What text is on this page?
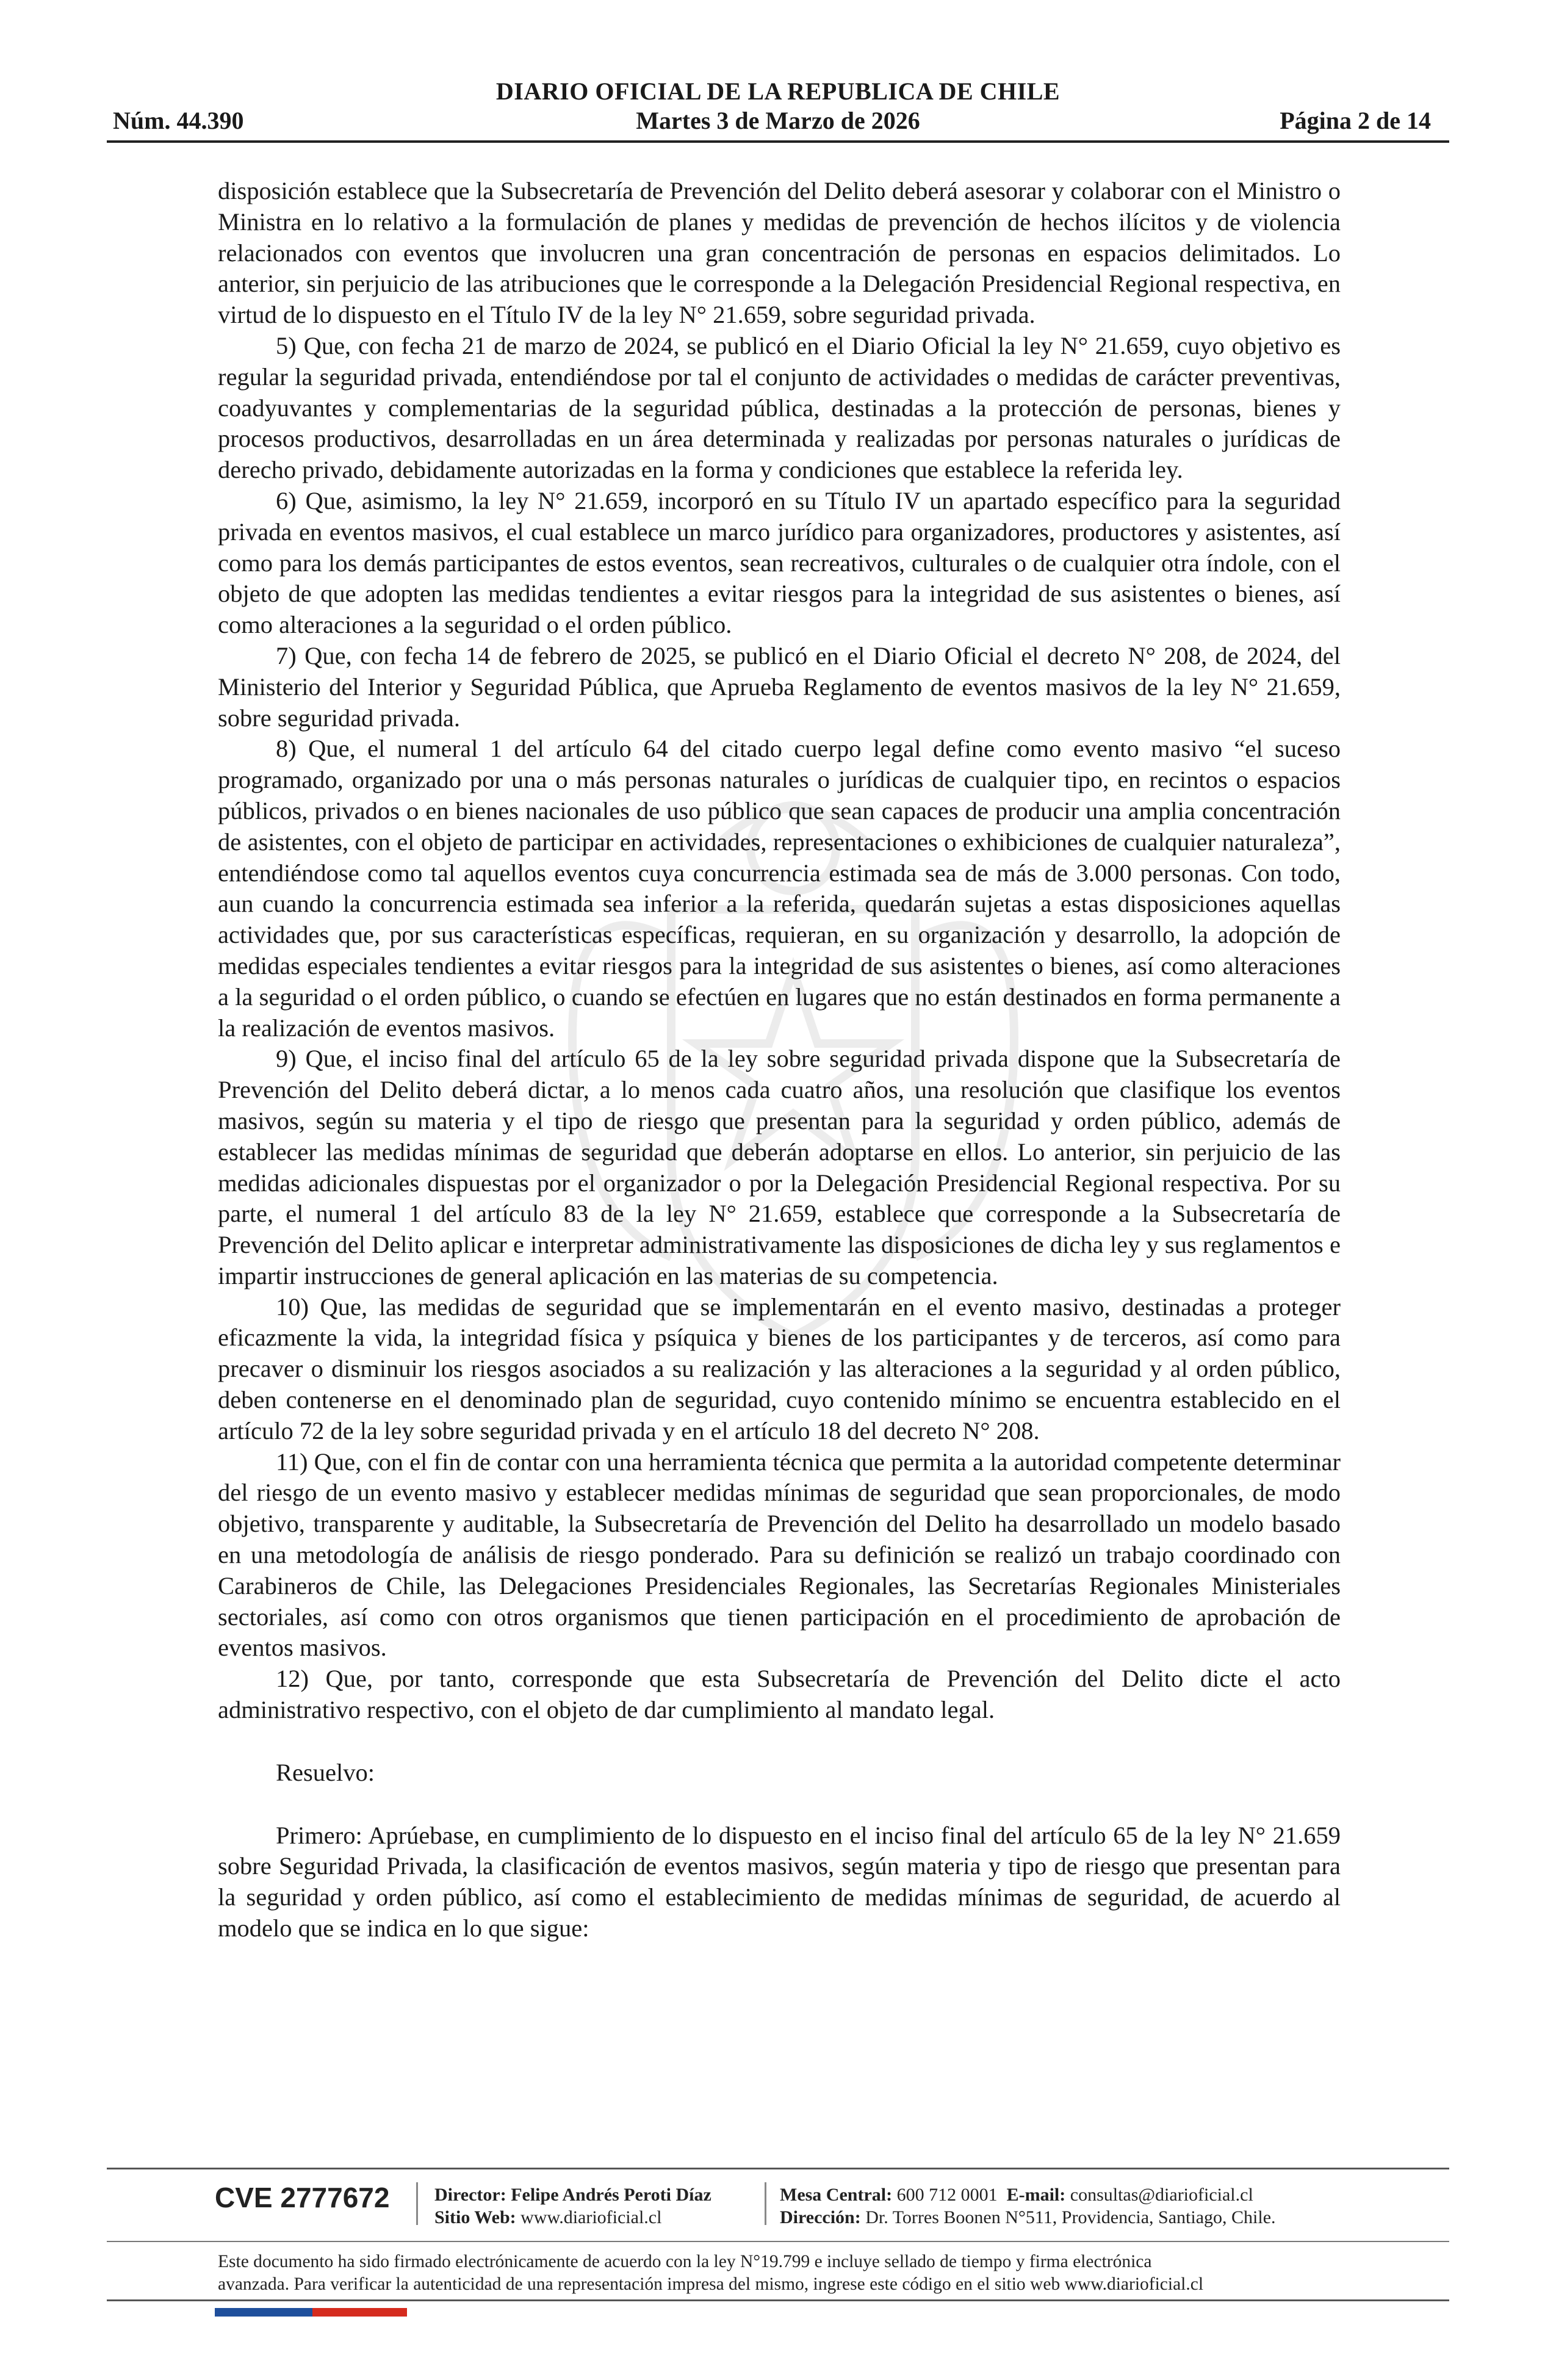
DIARIO OFICIAL DE LA REPUBLICA DE CHILE
Núm. 44.390	Martes 3 de Marzo de 2026	Página 2 de 14

disposición establece que la Subsecretaría de Prevención del Delito deberá asesorar y colaborar con el Ministro o Ministra en lo relativo a la formulación de planes y medidas de prevención de hechos ilícitos y de violencia relacionados con eventos que involucren una gran concentración de personas en espacios delimitados. Lo anterior, sin perjuicio de las atribuciones que le corresponde a la Delegación Presidencial Regional respectiva, en virtud de lo dispuesto en el Título IV de la ley N° 21.659, sobre seguridad privada.

5) Que, con fecha 21 de marzo de 2024, se publicó en el Diario Oficial la ley N° 21.659, cuyo objetivo es regular la seguridad privada, entendiéndose por tal el conjunto de actividades o medidas de carácter preventivas, coadyuvantes y complementarias de la seguridad pública, destinadas a la protección de personas, bienes y procesos productivos, desarrolladas en un área determinada y realizadas por personas naturales o jurídicas de derecho privado, debidamente autorizadas en la forma y condiciones que establece la referida ley.

6) Que, asimismo, la ley N° 21.659, incorporó en su Título IV un apartado específico para la seguridad privada en eventos masivos, el cual establece un marco jurídico para organizadores, productores y asistentes, así como para los demás participantes de estos eventos, sean recreativos, culturales o de cualquier otra índole, con el objeto de que adopten las medidas tendientes a evitar riesgos para la integridad de sus asistentes o bienes, así como alteraciones a la seguridad o el orden público.

7) Que, con fecha 14 de febrero de 2025, se publicó en el Diario Oficial el decreto N° 208, de 2024, del Ministerio del Interior y Seguridad Pública, que Aprueba Reglamento de eventos masivos de la ley N° 21.659, sobre seguridad privada.

8) Que, el numeral 1 del artículo 64 del citado cuerpo legal define como evento masivo “el suceso programado, organizado por una o más personas naturales o jurídicas de cualquier tipo, en recintos o espacios públicos, privados o en bienes nacionales de uso público que sean capaces de producir una amplia concentración de asistentes, con el objeto de participar en actividades, representaciones o exhibiciones de cualquier naturaleza”, entendiéndose como tal aquellos eventos cuya concurrencia estimada sea de más de 3.000 personas. Con todo, aun cuando la concurrencia estimada sea inferior a la referida, quedarán sujetas a estas disposiciones aquellas actividades que, por sus características específicas, requieran, en su organización y desarrollo, la adopción de medidas especiales tendientes a evitar riesgos para la integridad de sus asistentes o bienes, así como alteraciones a la seguridad o el orden público, o cuando se efectúen en lugares que no están destinados en forma permanente a la realización de eventos masivos.

9) Que, el inciso final del artículo 65 de la ley sobre seguridad privada dispone que la Subsecretaría de Prevención del Delito deberá dictar, a lo menos cada cuatro años, una resolución que clasifique los eventos masivos, según su materia y el tipo de riesgo que presentan para la seguridad y orden público, además de establecer las medidas mínimas de seguridad que deberán adoptarse en ellos. Lo anterior, sin perjuicio de las medidas adicionales dispuestas por el organizador o por la Delegación Presidencial Regional respectiva. Por su parte, el numeral 1 del artículo 83 de la ley N° 21.659, establece que corresponde a la Subsecretaría de Prevención del Delito aplicar e interpretar administrativamente las disposiciones de dicha ley y sus reglamentos e impartir instrucciones de general aplicación en las materias de su competencia.

10) Que, las medidas de seguridad que se implementarán en el evento masivo, destinadas a proteger eficazmente la vida, la integridad física y psíquica y bienes de los participantes y de terceros, así como para precaver o disminuir los riesgos asociados a su realización y las alteraciones a la seguridad y al orden público, deben contenerse en el denominado plan de seguridad, cuyo contenido mínimo se encuentra establecido en el artículo 72 de la ley sobre seguridad privada y en el artículo 18 del decreto N° 208.

11) Que, con el fin de contar con una herramienta técnica que permita a la autoridad competente determinar del riesgo de un evento masivo y establecer medidas mínimas de seguridad que sean proporcionales, de modo objetivo, transparente y auditable, la Subsecretaría de Prevención del Delito ha desarrollado un modelo basado en una metodología de análisis de riesgo ponderado. Para su definición se realizó un trabajo coordinado con Carabineros de Chile, las Delegaciones Presidenciales Regionales, las Secretarías Regionales Ministeriales sectoriales, así como con otros organismos que tienen participación en el procedimiento de aprobación de eventos masivos.

12) Que, por tanto, corresponde que esta Subsecretaría de Prevención del Delito dicte el acto administrativo respectivo, con el objeto de dar cumplimiento al mandato legal.

Resuelvo:

Primero: Aprúebase, en cumplimiento de lo dispuesto en el inciso final del artículo 65 de la ley N° 21.659 sobre Seguridad Privada, la clasificación de eventos masivos, según materia y tipo de riesgo que presentan para la seguridad y orden público, así como el establecimiento de medidas mínimas de seguridad, de acuerdo al modelo que se indica en lo que sigue:

CVE 2777672 Director: Felipe Andrés Peroti Díaz
Sitio Web: www.diarioficial.cl
Mesa Central: 600 712 0001 E-mail: consultas@diarioficial.cl
Dirección: Dr. Torres Boonen N°511, Providencia, Santiago, Chile.
Este documento ha sido firmado electrónicamente de acuerdo con la ley N°19.799 e incluye sellado de tiempo y firma electrónica
avanzada. Para verificar la autenticidad de una representación impresa del mismo, ingrese este código en el sitio web www.diarioficial.cl
